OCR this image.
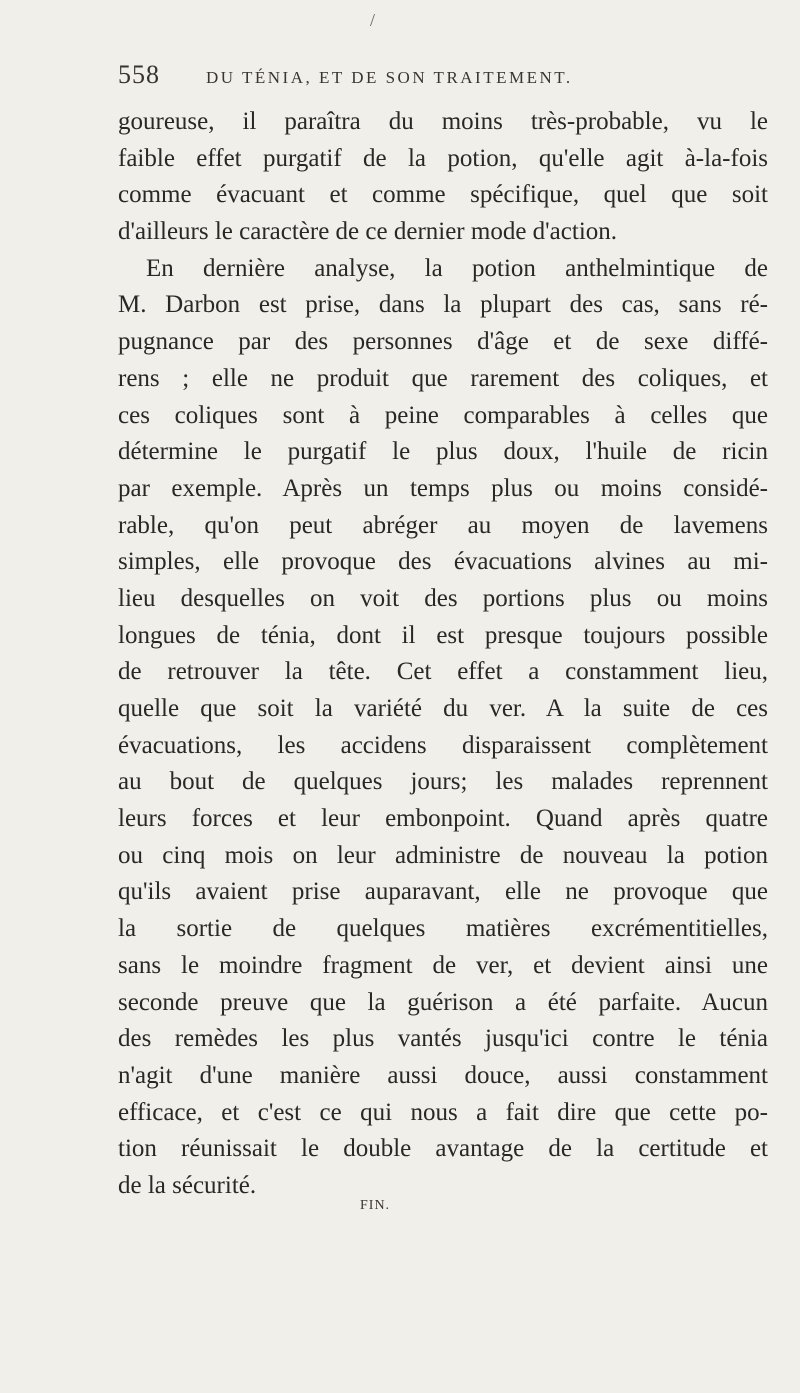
/
558	DU TÉNIA, ET DE SON TRAITEMENT.
goureuse, il paraîtra du moins très-probable, vu le
faible effet purgatif de la potion, qu'elle agit à-la-fois
comme évacuant et comme spécifique, quel que soit
d'ailleurs le caractère de ce dernier mode d'action.
En dernière analyse, la potion anthelmintique de
M. Darbon est prise, dans la plupart des cas, sans ré-
pugnance par des personnes d'âge et de sexe diffé-
rens ; elle ne produit que rarement des coliques, et
ces coliques sont à peine comparables à celles que
détermine le purgatif le plus doux, l'huile de ricin
par exemple. Après un temps plus ou moins considé-
rable, qu'on peut abréger au moyen de lavemens
simples, elle provoque des évacuations alvines au mi-
lieu desquelles on voit des portions plus ou moins
longues de ténia, dont il est presque toujours possible
de retrouver la tête. Cet effet a constamment lieu,
quelle que soit la variété du ver. A la suite de ces
évacuations, les accidens disparaissent complètement
au bout de quelques jours; les malades reprennent
leurs forces et leur embonpoint. Quand après quatre
ou cinq mois on leur administre de nouveau la potion
qu'ils avaient prise auparavant, elle ne provoque que
la sortie de quelques matières excrémentitielles,
sans le moindre fragment de ver, et devient ainsi une
seconde preuve que la guérison a été parfaite. Aucun
des remèdes les plus vantés jusqu'ici contre le ténia
n'agit d'une manière aussi douce, aussi constamment
efficace, et c'est ce qui nous a fait dire que cette po-
tion réunissait le double avantage de la certitude et
de la sécurité.
FIN.
